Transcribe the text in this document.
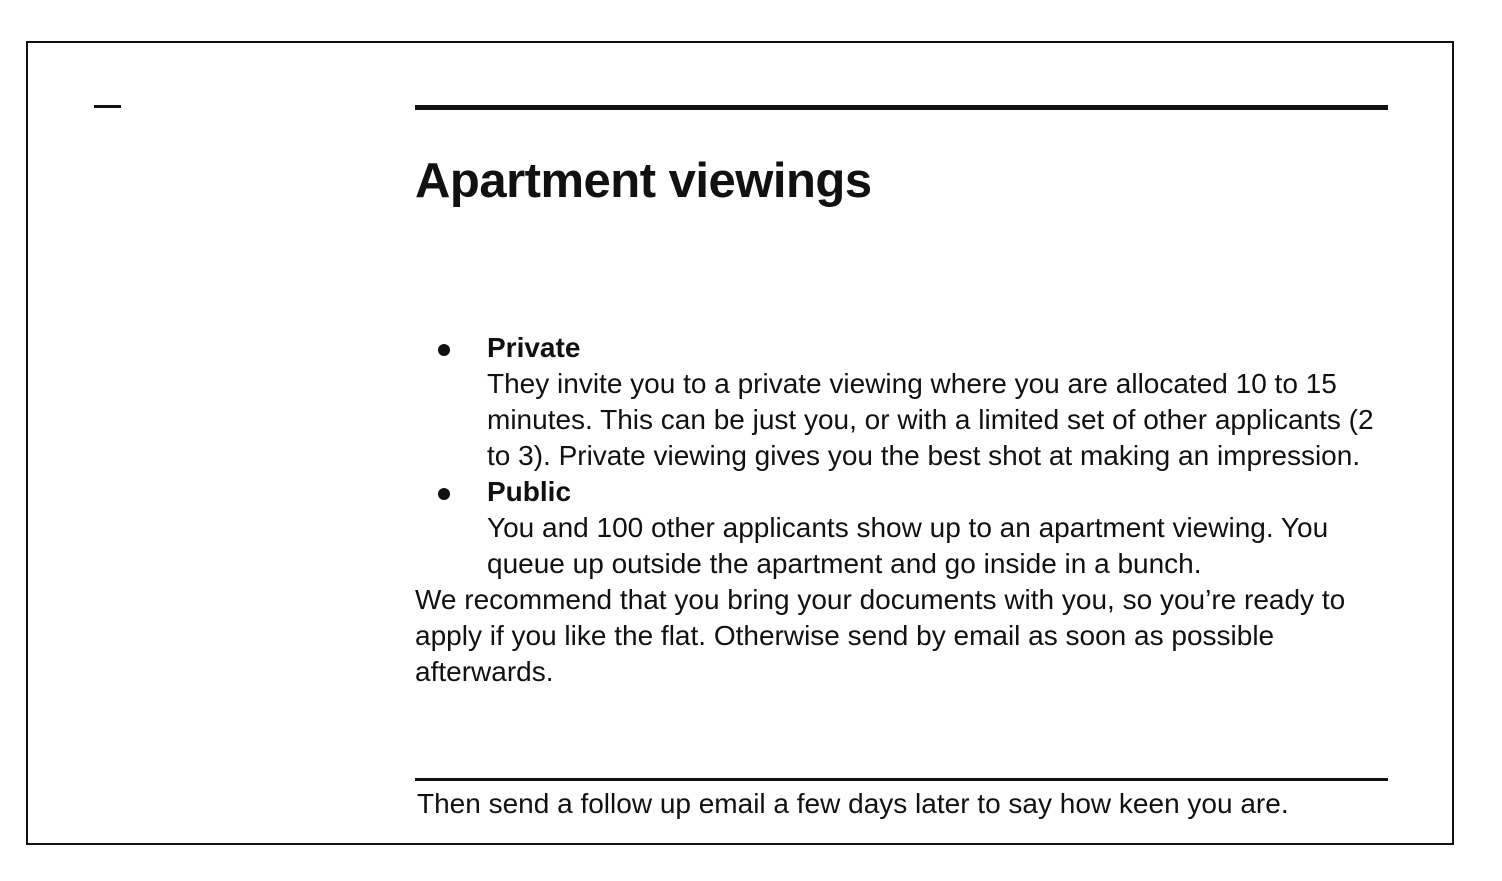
Apartment viewings
Private
They invite you to a private viewing where you are allocated 10 to 15 minutes. This can be just you, or with a limited set of other applicants (2 to 3). Private viewing gives you the best shot at making an impression.
Public
You and 100 other applicants show up to an apartment viewing. You queue up outside the apartment and go inside in a bunch.

We recommend that you bring your documents with you, so you’re ready to apply if you like the flat. Otherwise send by email as soon as possible afterwards.

Then send a follow up email a few days later to say how keen you are.
